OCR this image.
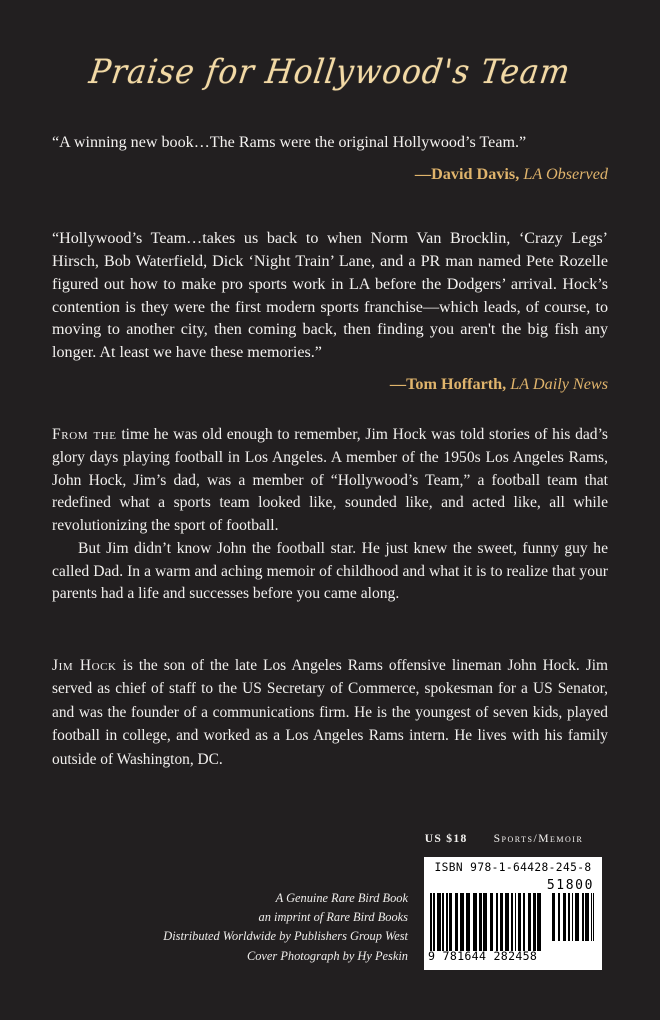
Praise for Hollywood's Team
“A winning new book…The Rams were the original Hollywood’s Team.”
—David Davis, LA Observed
“Hollywood’s Team…takes us back to when Norm Van Brocklin, ‘Crazy Legs’ Hirsch, Bob Waterfield, Dick ‘Night Train’ Lane, and a PR man named Pete Rozelle figured out how to make pro sports work in LA before the Dodgers’ arrival. Hock’s contention is they were the first modern sports franchise—which leads, of course, to moving to another city, then coming back, then finding you aren't the big fish any longer. At least we have these memories.”
—Tom Hoffarth, LA Daily News

From the time he was old enough to remember, Jim Hock was told stories of his dad’s glory days playing football in Los Angeles. A member of the 1950s Los Angeles Rams, John Hock, Jim’s dad, was a member of “Hollywood’s Team,” a football team that redefined what a sports team looked like, sounded like, and acted like, all while revolutionizing the sport of football.

But Jim didn’t know John the football star. He just knew the sweet, funny guy he called Dad. In a warm and aching memoir of childhood and what it is to realize that your parents had a life and successes before you came along.

Jim Hock is the son of the late Los Angeles Rams offensive lineman John Hock. Jim served as chief of staff to the US Secretary of Commerce, spokesman for a US Senator, and was the founder of a communications firm. He is the youngest of seven kids, played football in college, and worked as a Los Angeles Rams intern. He lives with his family outside of Washington, DC.

US $18 Sports/Memoir
A Genuine Rare Bird Book
an imprint of Rare Bird Books
Distributed Worldwide by Publishers Group West
Cover Photograph by Hy Peskin
ISBN 978-1-64428-245-8
51800
9 781644 282458
